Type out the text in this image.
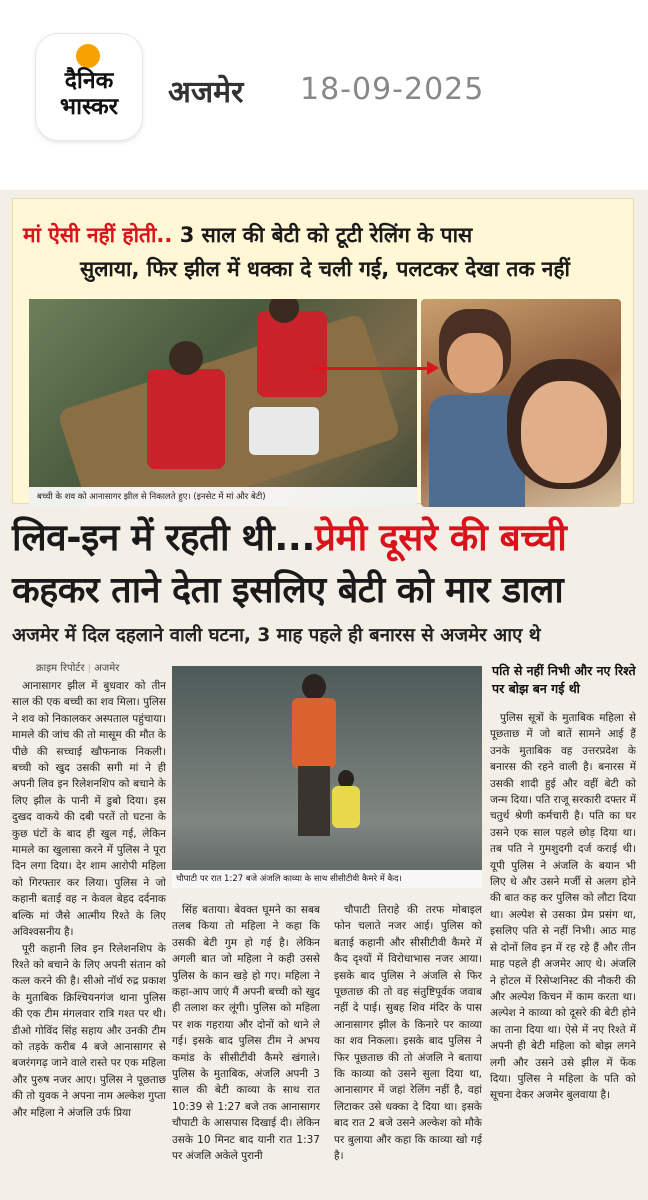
दैनिक
भास्कर	अजमेर 18-09-2025
मां ऐसी नहीं होती.. 3 साल की बेटी को टूटी रेलिंग के पास
सुलाया, फिर झील में धक्का दे चली गई, पलटकर देखा तक नहीं
बच्ची के शव को आनासागर झील से निकालते हुए। (इनसेट में मां और बेटी)
लिव-इन में रहती थी...प्रेमी दूसरे की बच्ची
कहकर ताने देता इसलिए बेटी को मार डाला
अजमेर में दिल दहलाने वाली घटना, 3 माह पहले ही बनारस से अजमेर आए थे
क्राइम रिपोर्टर | अजमेर

आनासागर झील में बुधवार को तीन साल की एक बच्ची का शव मिला। पुलिस ने शव को निकालकर अस्पताल पहुंचाया। मामले की जांच की तो मासूम की मौत के पीछे की सच्चाई खौफनाक निकली। बच्ची को खुद उसकी सगी मां ने ही अपनी लिव इन रिलेशनशिप को बचाने के लिए झील के पानी में डुबो दिया। इस दुखद वाकये की दबी परतें तो घटना के कुछ घंटों के बाद ही खुल गई, लेकिन मामले का खुलासा करने में पुलिस ने पूरा दिन लगा दिया। देर शाम आरोपी महिला को गिरफ्तार कर लिया। पुलिस ने जो कहानी बताई वह न केवल बेहद दर्दनाक बल्कि मां जैसे आत्मीय रिश्ते के लिए अविश्वसनीय है।

पूरी कहानी लिव इन रिलेशनशिप के रिश्ते को बचाने के लिए अपनी संतान को कत्ल करने की है। सीओ नॉर्थ रुद्र प्रकाश के मुताबिक क्रिश्चियनगंज थाना पुलिस की एक टीम मंगलवार रात्रि गश्त पर थी। डीओ गोविंद सिंह सहाय और उनकी टीम को तड़के करीब 4 बजे आनासागर से बजरंगगढ़ जाने वाले रास्ते पर एक महिला और पुरुष नजर आए। पुलिस ने पूछताछ की तो युवक ने अपना नाम अल्केश गुप्ता और महिला ने अंजलि उर्फ प्रिया

चौपाटी पर रात 1:27 बजे अंजलि काव्या के साथ सीसीटीवी कैमरे में कैद।

सिंह बताया। बेवक्त घूमने का सबब तलब किया तो महिला ने कहा कि उसकी बेटी गुम हो गई है। लेकिन अगली बात जो महिला ने कही उससे पुलिस के कान खड़े हो गए। महिला ने कहा-आप जाएं मैं अपनी बच्ची को खुद ही तलाश कर लूंगी। पुलिस को महिला पर शक गहराया और दोनों को थाने ले गई। इसके बाद पुलिस टीम ने अभय कमांड के सीसीटीवी कैमरे खंगाले। पुलिस के मुताबिक, अंजलि अपनी 3 साल की बेटी काव्या के साथ रात 10:39 से 1:27 बजे तक आनासागर चौपाटी के आसपास दिखाई दी। लेकिन उसके 10 मिनट बाद यानी रात 1:37 पर अंजलि अकेले पुरानी

चौपाटी तिराहे की तरफ मोबाइल फोन चलाते नजर आई। पुलिस को बताई कहानी और सीसीटीवी कैमरे में कैद दृश्यों में विरोधाभास नजर आया। इसके बाद पुलिस ने अंजलि से फिर पूछताछ की तो वह संतुष्टिपूर्वक जवाब नहीं दे पाई। सुबह शिव मंदिर के पास आनासागर झील के किनारे पर काव्या का शव निकला। इसके बाद पुलिस ने फिर पूछताछ की तो अंजलि ने बताया कि काव्या को उसने सुला दिया था, आनासागर में जहां रेलिंग नहीं है, वहां लिटाकर उसे धक्का दे दिया था। इसके बाद रात 2 बजे उसने अल्केश को मौके पर बुलाया और कहा कि काव्या खो गई है।

पति से नहीं निभी और नए रिश्ते पर बोझ बन गई थी

पुलिस सूत्रों के मुताबिक महिला से पूछताछ में जो बातें सामने आई हैं उनके मुताबिक वह उत्तरप्रदेश के बनारस की रहने वाली है। बनारस में उसकी शादी हुई और वहीं बेटी को जन्म दिया। पति राजू सरकारी दफ्तर में चतुर्थ श्रेणी कर्मचारी है। पति का घर उसने एक साल पहले छोड़ दिया था। तब पति ने गुमशुदगी दर्ज कराई थी। यूपी पुलिस ने अंजलि के बयान भी लिए थे और उसने मर्जी से अलग होने की बात कह कर पुलिस को लौटा दिया था। अल्पेश से उसका प्रेम प्रसंग था, इसलिए पति से नहीं निभी। आठ माह से दोनों लिव इन में रह रहे हैं और तीन माह पहले ही अजमेर आए थे। अंजलि ने होटल में रिसेप्शनिस्ट की नौकरी की और अल्पेश किचन में काम करता था। अल्पेश ने काव्या को दूसरे की बेटी होने का ताना दिया था। ऐसे में नए रिश्ते में अपनी ही बेटी महिला को बोझ लगने लगी और उसने उसे झील में फेंक दिया। पुलिस ने महिला के पति को सूचना देकर अजमेर बुलवाया है।
